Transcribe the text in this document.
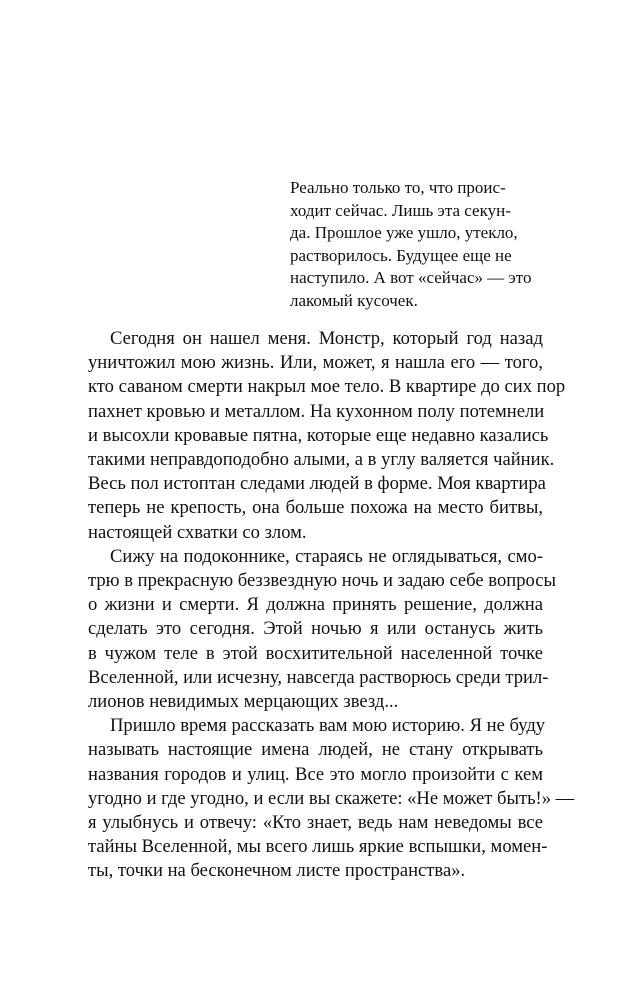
Реально только то, что проис-
ходит сейчас. Лишь эта секун-
да. Прошлое уже ушло, утекло,
растворилось. Будущее еще не
наступило. А вот «сейчас» — это
лакомый кусочек.
Сегодня он нашел меня. Монстр, который год назад
уничтожил мою жизнь. Или, может, я нашла его — того,
кто саваном смерти накрыл мое тело. В квартире до сих пор
пахнет кровью и металлом. На кухонном полу потемнели
и высохли кровавые пятна, которые еще недавно казались
такими неправдоподобно алыми, а в углу валяется чайник.
Весь пол истоптан следами людей в форме. Моя квартира
теперь не крепость, она больше похожа на место битвы,
настоящей схватки со злом.
Сижу на подоконнике, стараясь не оглядываться, смо-
трю в прекрасную беззвездную ночь и задаю себе вопросы
о жизни и смерти. Я должна принять решение, должна
сделать это сегодня. Этой ночью я или останусь жить
в чужом теле в этой восхитительной населенной точке
Вселенной, или исчезну, навсегда растворюсь среди трил-
лионов невидимых мерцающих звезд...
Пришло время рассказать вам мою историю. Я не буду
называть настоящие имена людей, не стану открывать
названия городов и улиц. Все это могло произойти с кем
угодно и где угодно, и если вы скажете: «Не может быть!» —
я улыбнусь и отвечу: «Кто знает, ведь нам неведомы все
тайны Вселенной, мы всего лишь яркие вспышки, момен-
ты, точки на бесконечном листе пространства».
